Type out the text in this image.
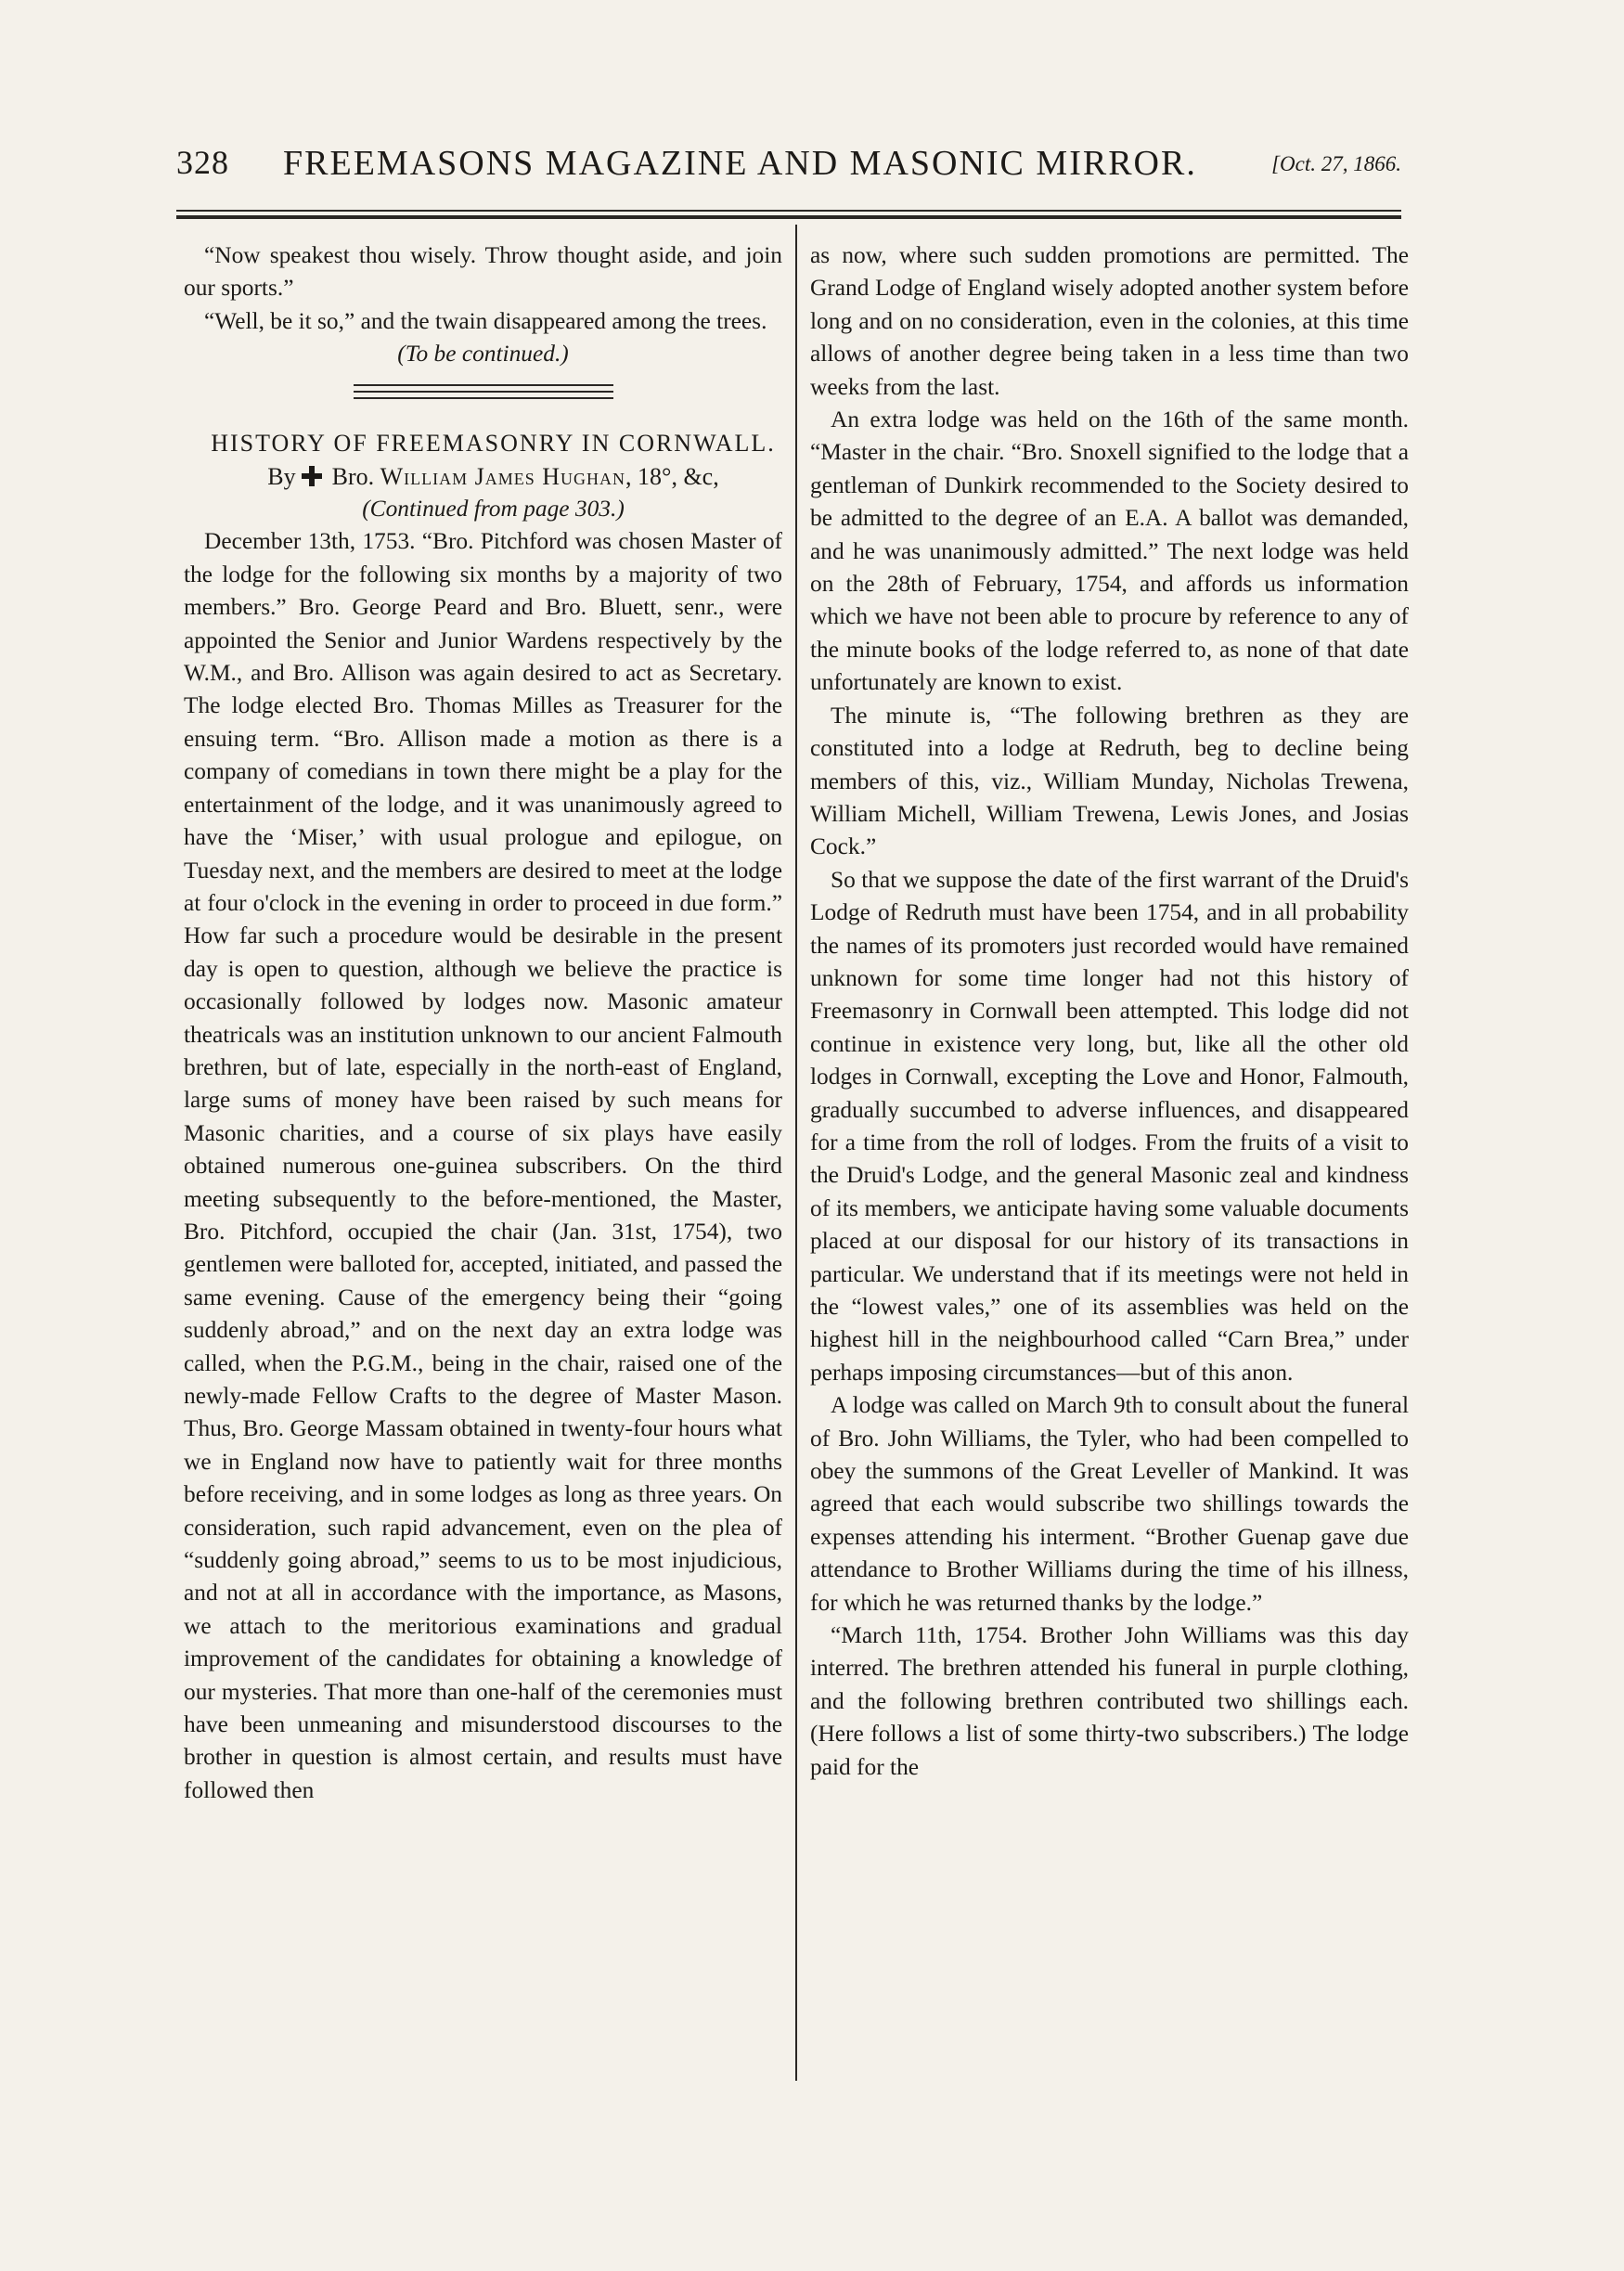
328 FREEMASONS MAGAZINE AND MASONIC MIRROR.	[Oct. 27, 1866.

“Now speakest thou wisely. Throw thought aside, and join our sports.”

“Well, be it so,” and the twain disappeared among the trees.

(To be continued.)

HISTORY OF FREEMASONRY IN CORNWALL.

By Bro. William James Hughan, 18°, &c,

(Continued from page 303.)

December 13th, 1753. “Bro. Pitchford was chosen Master of the lodge for the following six months by a majority of two members.” Bro. George Peard and Bro. Bluett, senr., were appointed the Senior and Junior Wardens respectively by the W.M., and Bro. Allison was again desired to act as Secretary. The lodge elected Bro. Thomas Milles as Treasurer for the ensuing term. “Bro. Allison made a motion as there is a company of comedians in town there might be a play for the entertainment of the lodge, and it was unanimously agreed to have the ‘Miser,’ with usual prologue and epilogue, on Tuesday next, and the members are desired to meet at the lodge at four o'clock in the evening in order to proceed in due form.” How far such a procedure would be desirable in the present day is open to question, although we believe the practice is occasionally followed by lodges now. Masonic amateur theatricals was an institution unknown to our ancient Falmouth brethren, but of late, especially in the north-east of England, large sums of money have been raised by such means for Masonic charities, and a course of six plays have easily obtained numerous one-guinea subscribers. On the third meeting subsequently to the before-mentioned, the Master, Bro. Pitchford, occupied the chair (Jan. 31st, 1754), two gentlemen were balloted for, accepted, initiated, and passed the same evening. Cause of the emergency being their “going suddenly abroad,” and on the next day an extra lodge was called, when the P.G.M., being in the chair, raised one of the newly-made Fellow Crafts to the degree of Master Mason. Thus, Bro. George Massam obtained in twenty-four hours what we in England now have to patiently wait for three months before receiving, and in some lodges as long as three years. On consideration, such rapid advancement, even on the plea of “suddenly going abroad,” seems to us to be most injudicious, and not at all in accordance with the importance, as Masons, we attach to the meritorious examinations and gradual improvement of the candidates for obtaining a knowledge of our mysteries. That more than one-half of the ceremonies must have been unmeaning and misunderstood discourses to the brother in question is almost certain, and results must have followed then

as now, where such sudden promotions are permitted. The Grand Lodge of England wisely adopted another system before long and on no consideration, even in the colonies, at this time allows of another degree being taken in a less time than two weeks from the last.

An extra lodge was held on the 16th of the same month. “Master in the chair. “Bro. Snoxell signified to the lodge that a gentleman of Dunkirk recommended to the Society desired to be admitted to the degree of an E.A. A ballot was demanded, and he was unanimously admitted.” The next lodge was held on the 28th of February, 1754, and affords us information which we have not been able to procure by reference to any of the minute books of the lodge referred to, as none of that date unfortunately are known to exist.

The minute is, “The following brethren as they are constituted into a lodge at Redruth, beg to decline being members of this, viz., William Munday, Nicholas Trewena, William Michell, William Trewena, Lewis Jones, and Josias Cock.”

So that we suppose the date of the first warrant of the Druid's Lodge of Redruth must have been 1754, and in all probability the names of its promoters just recorded would have remained unknown for some time longer had not this history of Freemasonry in Cornwall been attempted. This lodge did not continue in existence very long, but, like all the other old lodges in Cornwall, excepting the Love and Honor, Falmouth, gradually succumbed to adverse influences, and disappeared for a time from the roll of lodges. From the fruits of a visit to the Druid's Lodge, and the general Masonic zeal and kindness of its members, we anticipate having some valuable documents placed at our disposal for our history of its transactions in particular. We understand that if its meetings were not held in the “lowest vales,” one of its assemblies was held on the highest hill in the neighbourhood called “Carn Brea,” under perhaps imposing circumstances—but of this anon.

A lodge was called on March 9th to consult about the funeral of Bro. John Williams, the Tyler, who had been compelled to obey the summons of the Great Leveller of Mankind. It was agreed that each would subscribe two shillings towards the expenses attending his interment. “Brother Guenap gave due attendance to Brother Williams during the time of his illness, for which he was returned thanks by the lodge.”

“March 11th, 1754. Brother John Williams was this day interred. The brethren attended his funeral in purple clothing, and the following brethren contributed two shillings each. (Here follows a list of some thirty-two subscribers.) The lodge paid for the
